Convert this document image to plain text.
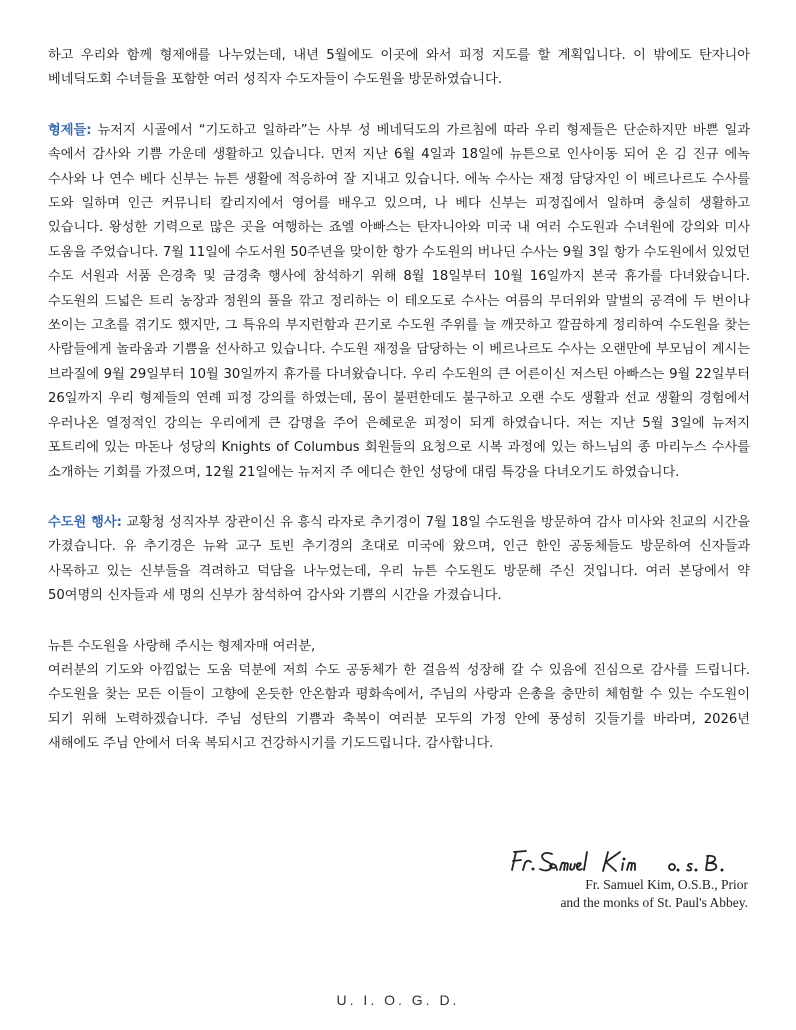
하고 우리와 함께 형제애를 나누었는데, 내년 5월에도 이곳에 와서 피정 지도를 할 계획입니다. 이 밖에도 탄자니아 베네딕도회 수녀들을 포함한 여러 성직자 수도자들이 수도원을 방문하였습니다.

형제들: 뉴저지 시골에서 “기도하고 일하라”는 사부 성 베네딕도의 가르침에 따라 우리 형제들은 단순하지만 바쁜 일과 속에서 감사와 기쁨 가운데 생활하고 있습니다. 먼저 지난 6월 4일과 18일에 뉴튼으로 인사이동 되어 온 김 진규 에녹 수사와 나 연수 베다 신부는 뉴튼 생활에 적응하여 잘 지내고 있습니다. 에녹 수사는 재정 담당자인 이 베르나르도 수사를 도와 일하며 인근 커뮤니티 칼리지에서 영어를 배우고 있으며, 나 베다 신부는 피정집에서 일하며 충실히 생활하고 있습니다. 왕성한 기력으로 많은 곳을 여행하는 죠엘 아빠스는 탄자니아와 미국 내 여러 수도원과 수녀원에 강의와 미사 도움을 주었습니다. 7월 11일에 수도서원 50주년을 맞이한 항가 수도원의 버나딘 수사는 9월 3일 항가 수도원에서 있었던 수도 서원과 서품 은경축 및 금경축 행사에 참석하기 위해 8월 18일부터 10월 16일까지 본국 휴가를 다녀왔습니다. 수도원의 드넓은 트리 농장과 정원의 풀을 깎고 정리하는 이 테오도로 수사는 여름의 무더위와 말벌의 공격에 두 번이나 쏘이는 고초를 겪기도 했지만, 그 특유의 부지런함과 끈기로 수도원 주위를 늘 깨끗하고 깔끔하게 정리하여 수도원을 찾는 사람들에게 놀라움과 기쁨을 선사하고 있습니다. 수도원 재정을 담당하는 이 베르나르도 수사는 오랜만에 부모님이 계시는 브라질에 9월 29일부터 10월 30일까지 휴가를 다녀왔습니다. 우리 수도원의 큰 어른이신 저스틴 아빠스는 9월 22일부터 26일까지 우리 형제들의 연례 피정 강의를 하였는데, 몸이 불편한데도 불구하고 오랜 수도 생활과 선교 생활의 경험에서 우러나온 열정적인 강의는 우리에게 큰 감명을 주어 은혜로운 피정이 되게 하였습니다. 저는 지난 5월 3일에 뉴저지 포트리에 있는 마돈나 성당의 Knights of Columbus 회원들의 요청으로 시복 과정에 있는 하느님의 종 마리누스 수사를 소개하는 기회를 가졌으며, 12월 21일에는 뉴저지 주 에디슨 한인 성당에 대림 특강을 다녀오기도 하였습니다.

수도원 행사: 교황청 성직자부 장관이신 유 흥식 라자로 추기경이 7월 18일 수도원을 방문하여 감사 미사와 친교의 시간을 가졌습니다. 유 추기경은 뉴왁 교구 토빈 추기경의 초대로 미국에 왔으며, 인근 한인 공동체들도 방문하여 신자들과 사목하고 있는 신부들을 격려하고 덕담을 나누었는데, 우리 뉴튼 수도원도 방문해 주신 것입니다. 여러 본당에서 약 50여명의 신자들과 세 명의 신부가 참석하여 감사와 기쁨의 시간을 가졌습니다.

뉴튼 수도원을 사랑해 주시는 형제자매 여러분,

여러분의 기도와 아낌없는 도움 덕분에 저희 수도 공동체가 한 걸음씩 성장해 갈 수 있음에 진심으로 감사를 드립니다. 수도원을 찾는 모든 이들이 고향에 온듯한 안온함과 평화속에서, 주님의 사랑과 은총을 충만히 체험할 수 있는 수도원이 되기 위해 노력하겠습니다. 주님 성탄의 기쁨과 축복이 여러분 모두의 가정 안에 풍성히 깃들기를 바라며, 2026년 새해에도 주님 안에서 더욱 복되시고 건강하시기를 기도드립니다. 감사합니다.

Fr. Samuel Kim, O.S.B., Prior
and the monks of St. Paul's Abbey.
U. I. O. G. D.
